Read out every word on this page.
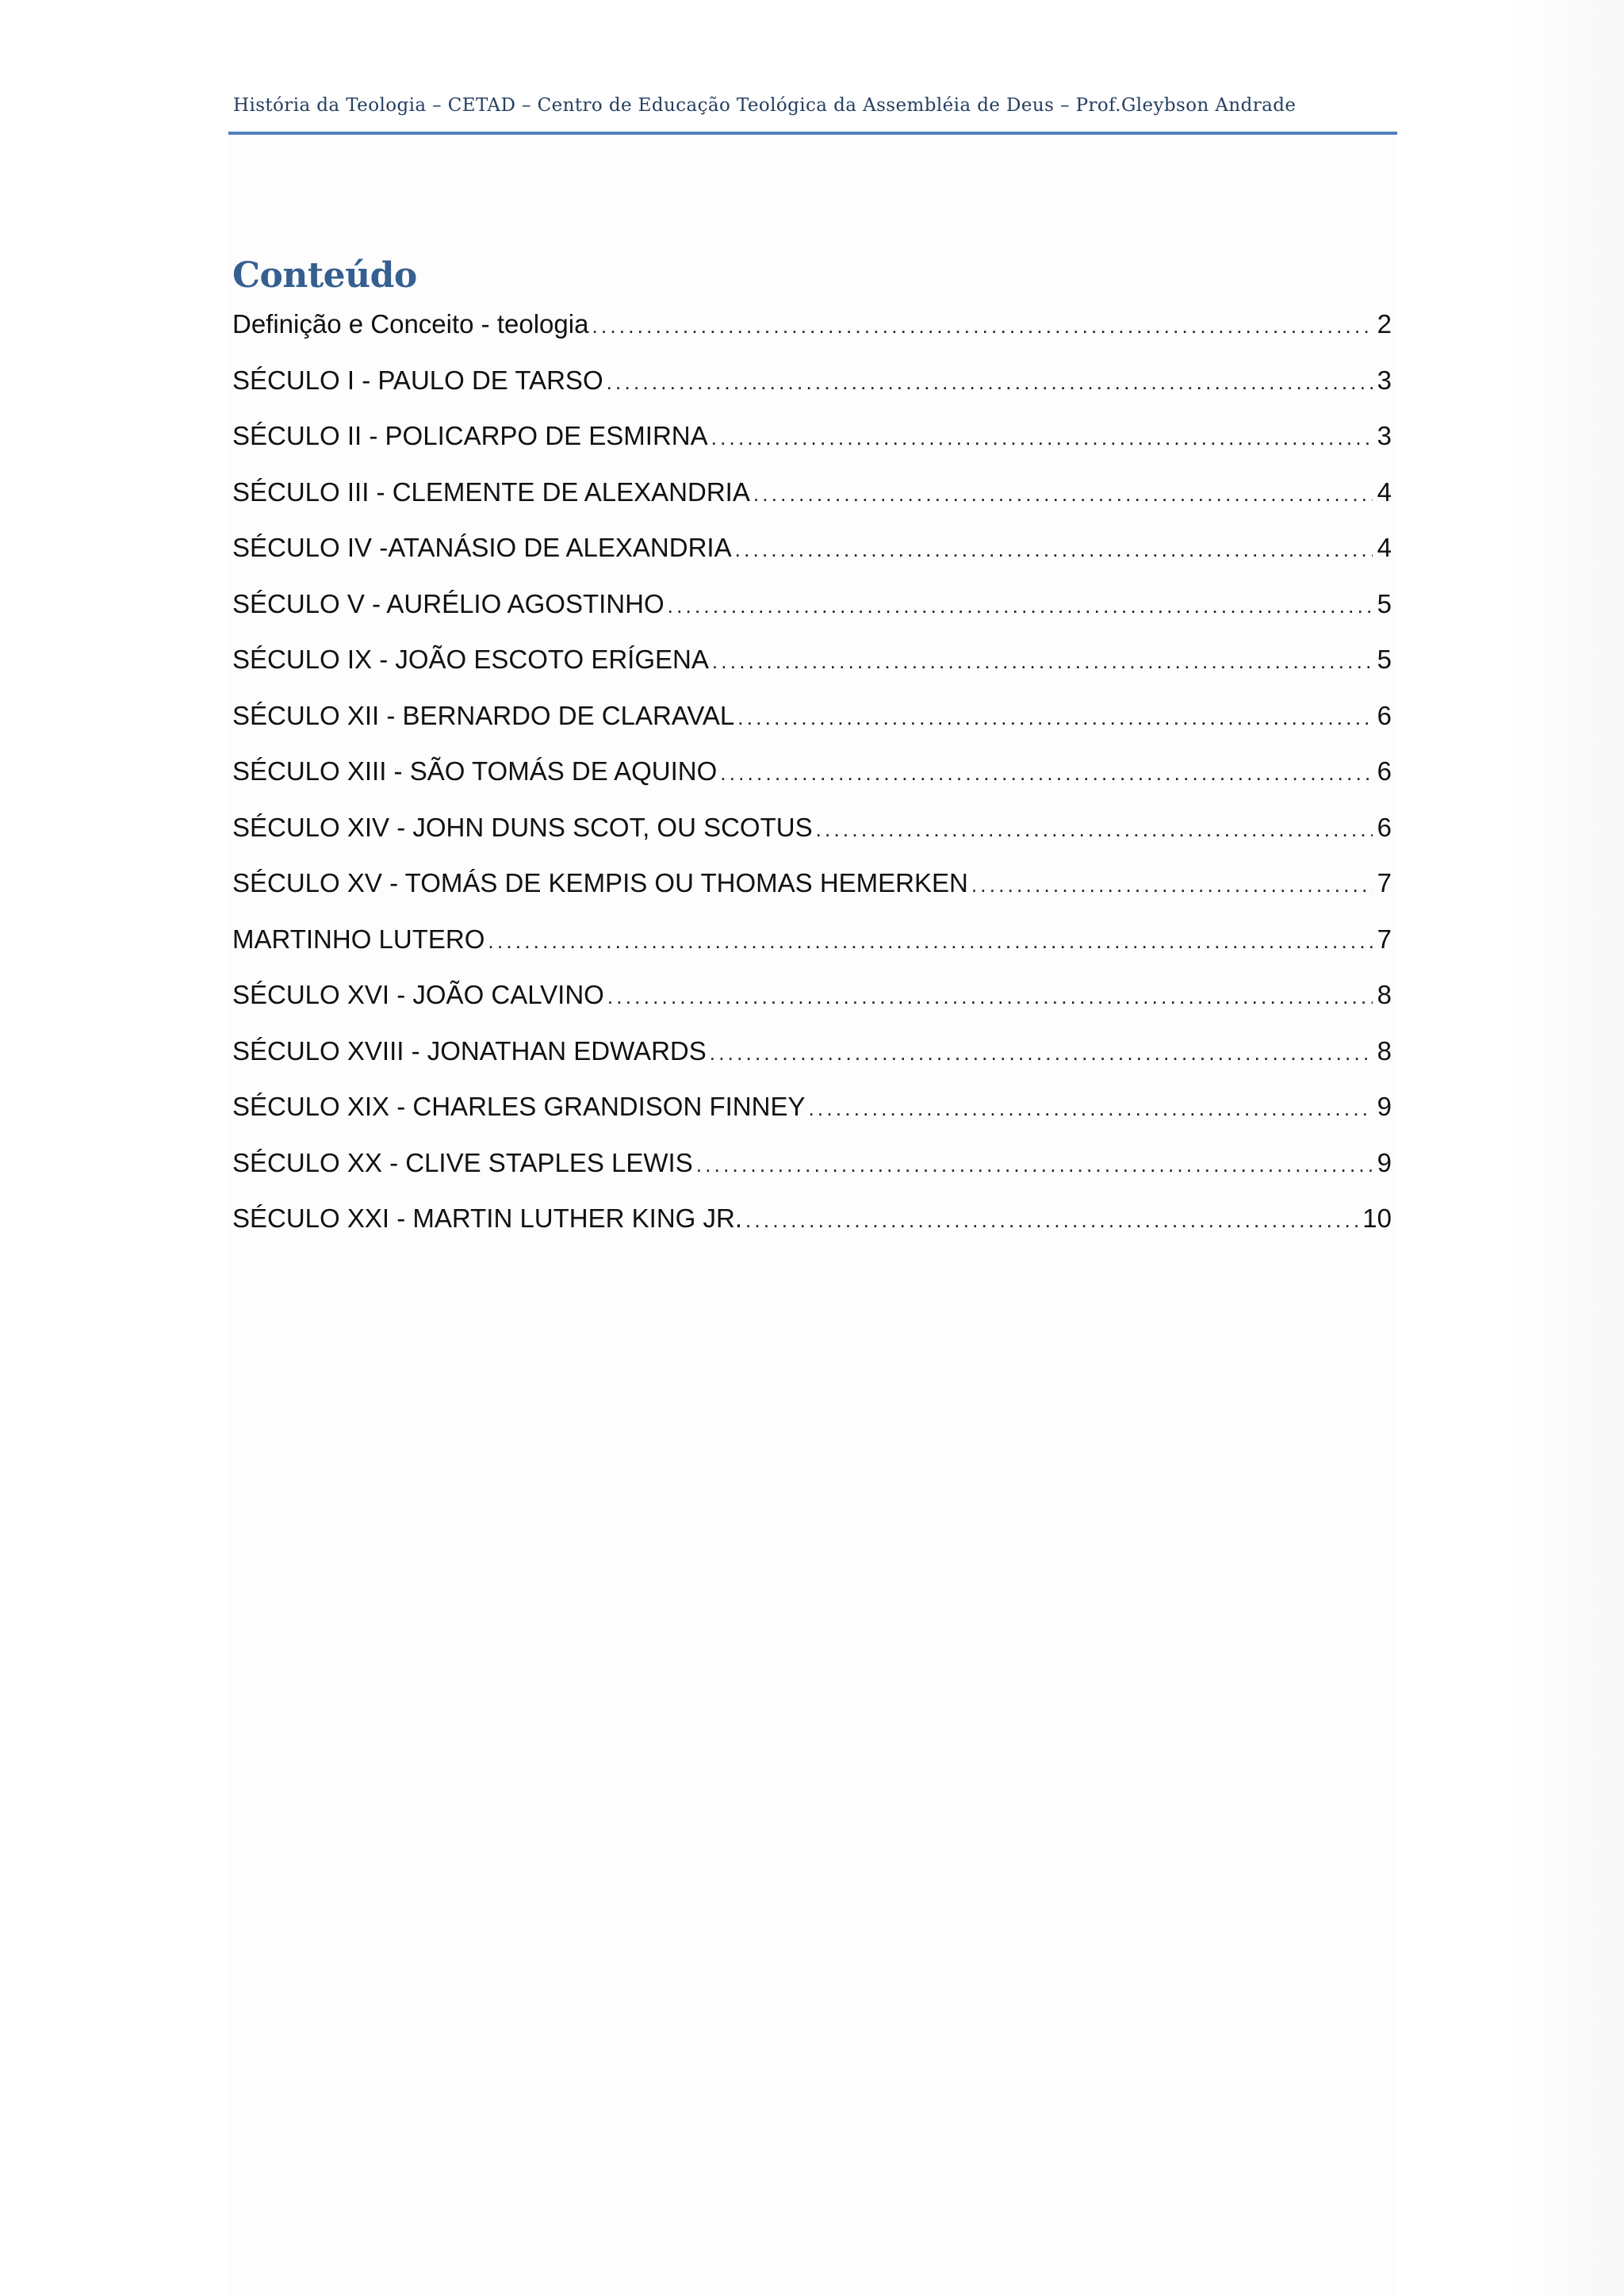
História da Teologia – CETAD – Centro de Educação Teológica da Assembléia de Deus – Prof.Gleybson Andrade
Conteúdo
Definição e Conceito - teologia . . .	2
SÉCULO I - PAULO DE TARSO . . .	3
SÉCULO II - POLICARPO DE ESMIRNA . . .	3
SÉCULO III - CLEMENTE DE ALEXANDRIA . . .	4
SÉCULO IV -ATANÁSIO DE ALEXANDRIA . . .	4
SÉCULO V - AURÉLIO AGOSTINHO . . .	5
SÉCULO IX - JOÃO ESCOTO ERÍGENA . . .	5
SÉCULO XII - BERNARDO DE CLARAVAL . . .	6
SÉCULO XIII - SÃO TOMÁS DE AQUINO . . .	6
SÉCULO XIV - JOHN DUNS SCOT, OU SCOTUS . . .	6
SÉCULO XV - TOMÁS DE KEMPIS OU THOMAS HEMERKEN . . .	7
MARTINHO LUTERO . . .	7
SÉCULO XVI - JOÃO CALVINO . . .	8
SÉCULO XVIII - JONATHAN EDWARDS . . .	8
SÉCULO XIX - CHARLES GRANDISON FINNEY . . .	9
SÉCULO XX - CLIVE STAPLES LEWIS . . .	9
SÉCULO XXI - MARTIN LUTHER KING JR. . . .	10
